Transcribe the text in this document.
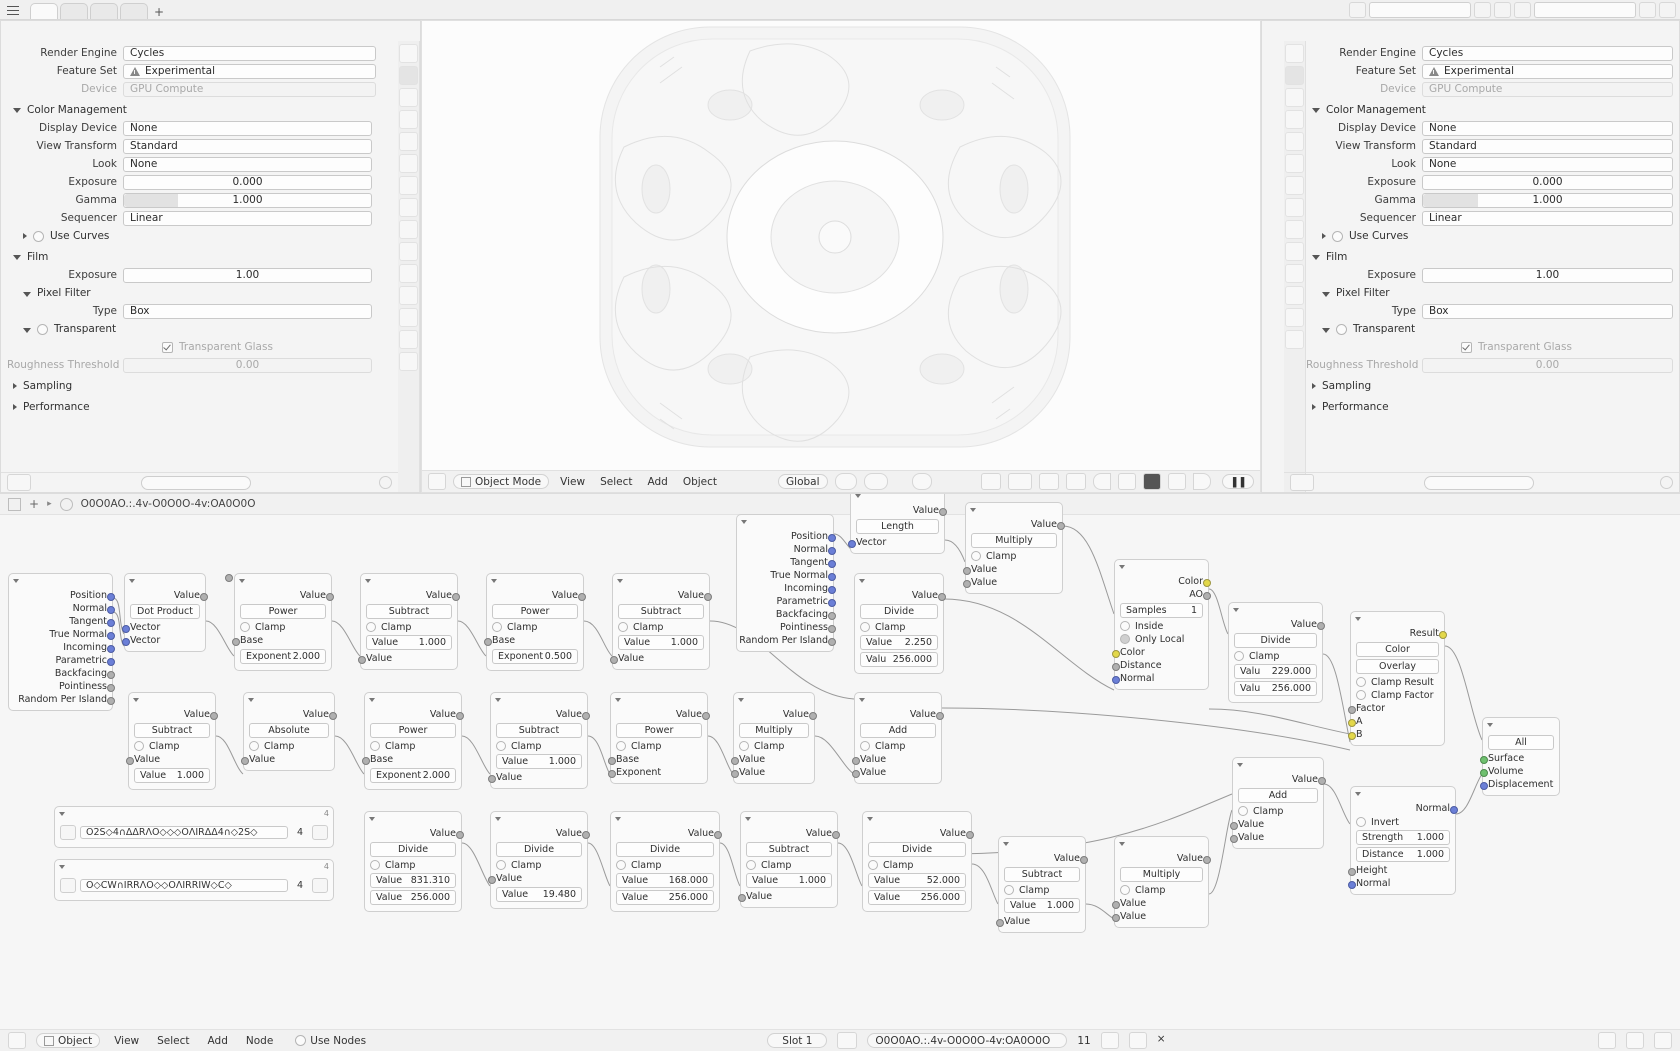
+
Render Engine	Cycles
Feature Set	Experimental
Device	GPU Compute
Color Management
Display Device	None
View Transform	Standard
Look	None
Exposure	0.000
Gamma	1.000
Sequencer	Linear
Use Curves
Film
Exposure	1.00
Pixel Filter
Type	Box
Transparent
Transparent Glass
Roughness Threshold	0.00
Sampling
Performance
Object Mode	View	Select	Add	Object	Global	❚❚
Render Engine	Cycles
Feature Set	Experimental
Device	GPU Compute
Color Management
Display Device	None
View Transform	Standard
Look	None
Exposure	0.000
Gamma	1.000
Sequencer	Linear
Use Curves
Film
Exposure	1.00
Pixel Filter
Type	Box
Transparent
Transparent Glass
Roughness Threshold	0.00
Sampling
Performance
+ ▸	O0O0AO.:.4v-O0O0O-4v:OA0O0O
Position
Normal
Tangent
True Normal
Incoming
Parametric
Backfacing
Pointiness
Random Per Island
Value
Dot Product
Vector
Vector
Value
Power
Clamp
Base
Exponent 2.000
Value
Subtract
Clamp
Value 1.000
Value
Value
Power
Clamp
Base
Exponent 0.500
Value
Subtract
Clamp
Value 1.000
Value
Position
Normal
Tangent
True Normal
Incoming
Parametric
Backfacing
Pointiness
Random Per Island
Value
Length
Vector
Value
Multiply
Clamp
Value
Value
Value
Divide
Clamp
Value 2.250
Valu 256.000
Color
AO
Samples	1
Inside
Only Local
Color
Distance
Normal
Value
Divide
Clamp
Valu 229.000
Valu 256.000
Result
Color
Overlay
Clamp Result
Clamp Factor
Factor
A
B
All
Surface
Volume
Displacement
Value
Subtract
Clamp
Value
Value 1.000
Value
Absolute
Clamp
Value
Value
Power
Clamp
Base
Exponent 2.000
Value
Subtract
Clamp
Value 1.000
Value
Value
Power
Clamp
Base
Exponent
Value
Multiply
Clamp
Value
Value
Value
Add
Clamp
Value
Value
Value
Add
Clamp
Value
Value
Normal
Invert
Strength 1.000
Distance 1.000
Height
Normal
Value
Divide
Clamp
Value 831.310
Value 256.000
Value
Divide
Clamp
Value
Value 19.480
Value
Divide
Clamp
Value 168.000
Value 256.000
Value
Subtract
Clamp
Value 1.000
Value
Value
Divide
Clamp
Value	52.000
Value 256.000
Value
Subtract
Clamp
Value 1.000
Value
Value
Multiply
Clamp
Value
Value
4
O2S◇4∩ΔΔRΛO◇◇◇ΟΛIRΔΔ4∩◇2S◇	4
4
O◇CW∩IRRΛO◇◇ΟΛIRRIW◇C◇	4
Object	View	Select	Add	Node	Use Nodes	Slot 1	O0O0AO.:.4v-O0O0O-4v:OA0O0O	11	×
